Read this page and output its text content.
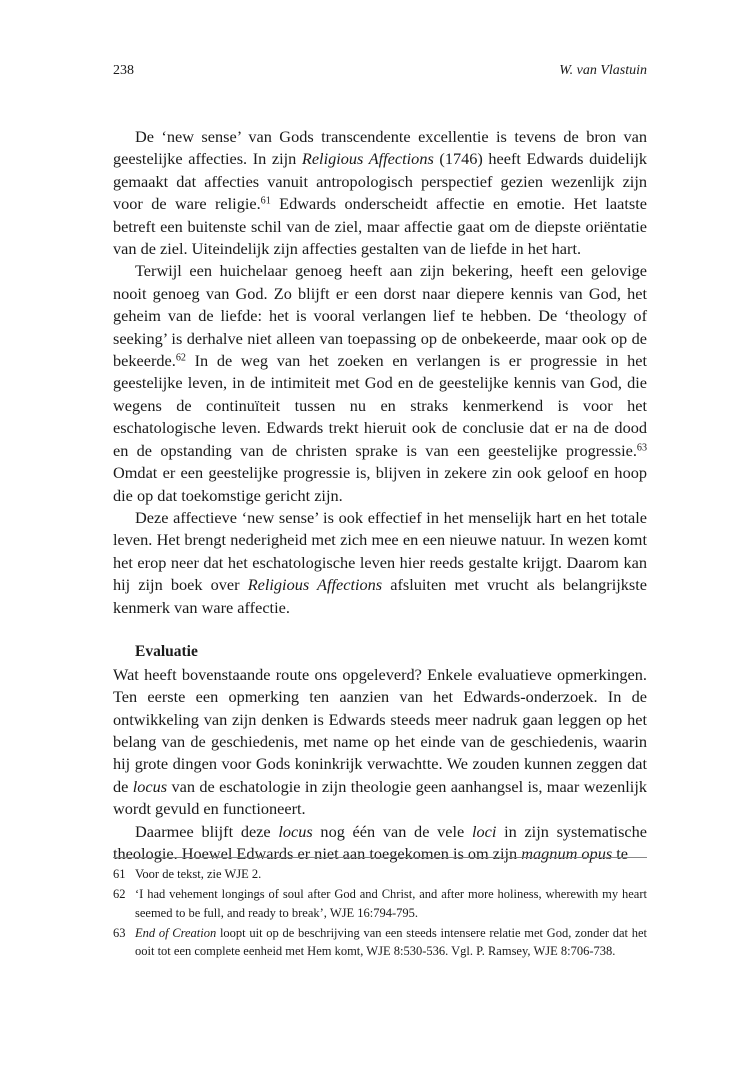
238	W. van Vlastuin

De ‘new sense’ van Gods transcendente excellentie is tevens de bron van geestelijke affecties. In zijn Religious Affections (1746) heeft Edwards duidelijk gemaakt dat affecties vanuit antropologisch perspectief gezien wezenlijk zijn voor de ware religie.$^{61}$ Edwards onderscheidt affectie en emotie. Het laatste betreft een buitenste schil van de ziel, maar affectie gaat om de diepste oriëntatie van de ziel. Uiteindelijk zijn affecties gestalten van de liefde in het hart.

Terwijl een huichelaar genoeg heeft aan zijn bekering, heeft een gelovige nooit genoeg van God. Zo blijft er een dorst naar diepere kennis van God, het geheim van de liefde: het is vooral verlangen lief te hebben. De ‘theology of seeking’ is derhalve niet alleen van toepassing op de onbekeerde, maar ook op de bekeerde.$^{62}$ In de weg van het zoeken en verlangen is er progressie in het geestelijke leven, in de intimiteit met God en de geestelijke kennis van God, die wegens de continuïteit tussen nu en straks kenmerkend is voor het eschatologische leven. Edwards trekt hieruit ook de conclusie dat er na de dood en de opstanding van de christen sprake is van een geestelijke progressie.$^{63}$ Omdat er een geestelijke progressie is, blijven in zekere zin ook geloof en hoop die op dat toekomstige gericht zijn.

Deze affectieve ‘new sense’ is ook effectief in het menselijk hart en het totale leven. Het brengt nederigheid met zich mee en een nieuwe natuur. In wezen komt het erop neer dat het eschatologische leven hier reeds gestalte krijgt. Daarom kan hij zijn boek over Religious Affections afsluiten met vrucht als belangrijkste kenmerk van ware affectie.

Evaluatie

Wat heeft bovenstaande route ons opgeleverd? Enkele evaluatieve opmerkingen. Ten eerste een opmerking ten aanzien van het Edwards-onderzoek. In de ontwikkeling van zijn denken is Edwards steeds meer nadruk gaan leggen op het belang van de geschiedenis, met name op het einde van de geschiedenis, waarin hij grote dingen voor Gods koninkrijk verwachtte. We zouden kunnen zeggen dat de locus van de eschatologie in zijn theologie geen aanhangsel is, maar wezenlijk wordt gevuld en functioneert.

Daarmee blijft deze locus nog één van de vele loci in zijn systematische theologie. Hoewel Edwards er niet aan toegekomen is om zijn magnum opus te

61 Voor de tekst, zie WJE 2.
62 ‘I had vehement longings of soul after God and Christ, and after more holiness, wherewith my heart seemed to be full, and ready to break’, WJE 16:794-795.
63 End of Creation loopt uit op de beschrijving van een steeds intensere relatie met God, zonder dat het ooit tot een complete eenheid met Hem komt, WJE 8:530-536. Vgl. P. Ramsey, WJE 8:706-738.
